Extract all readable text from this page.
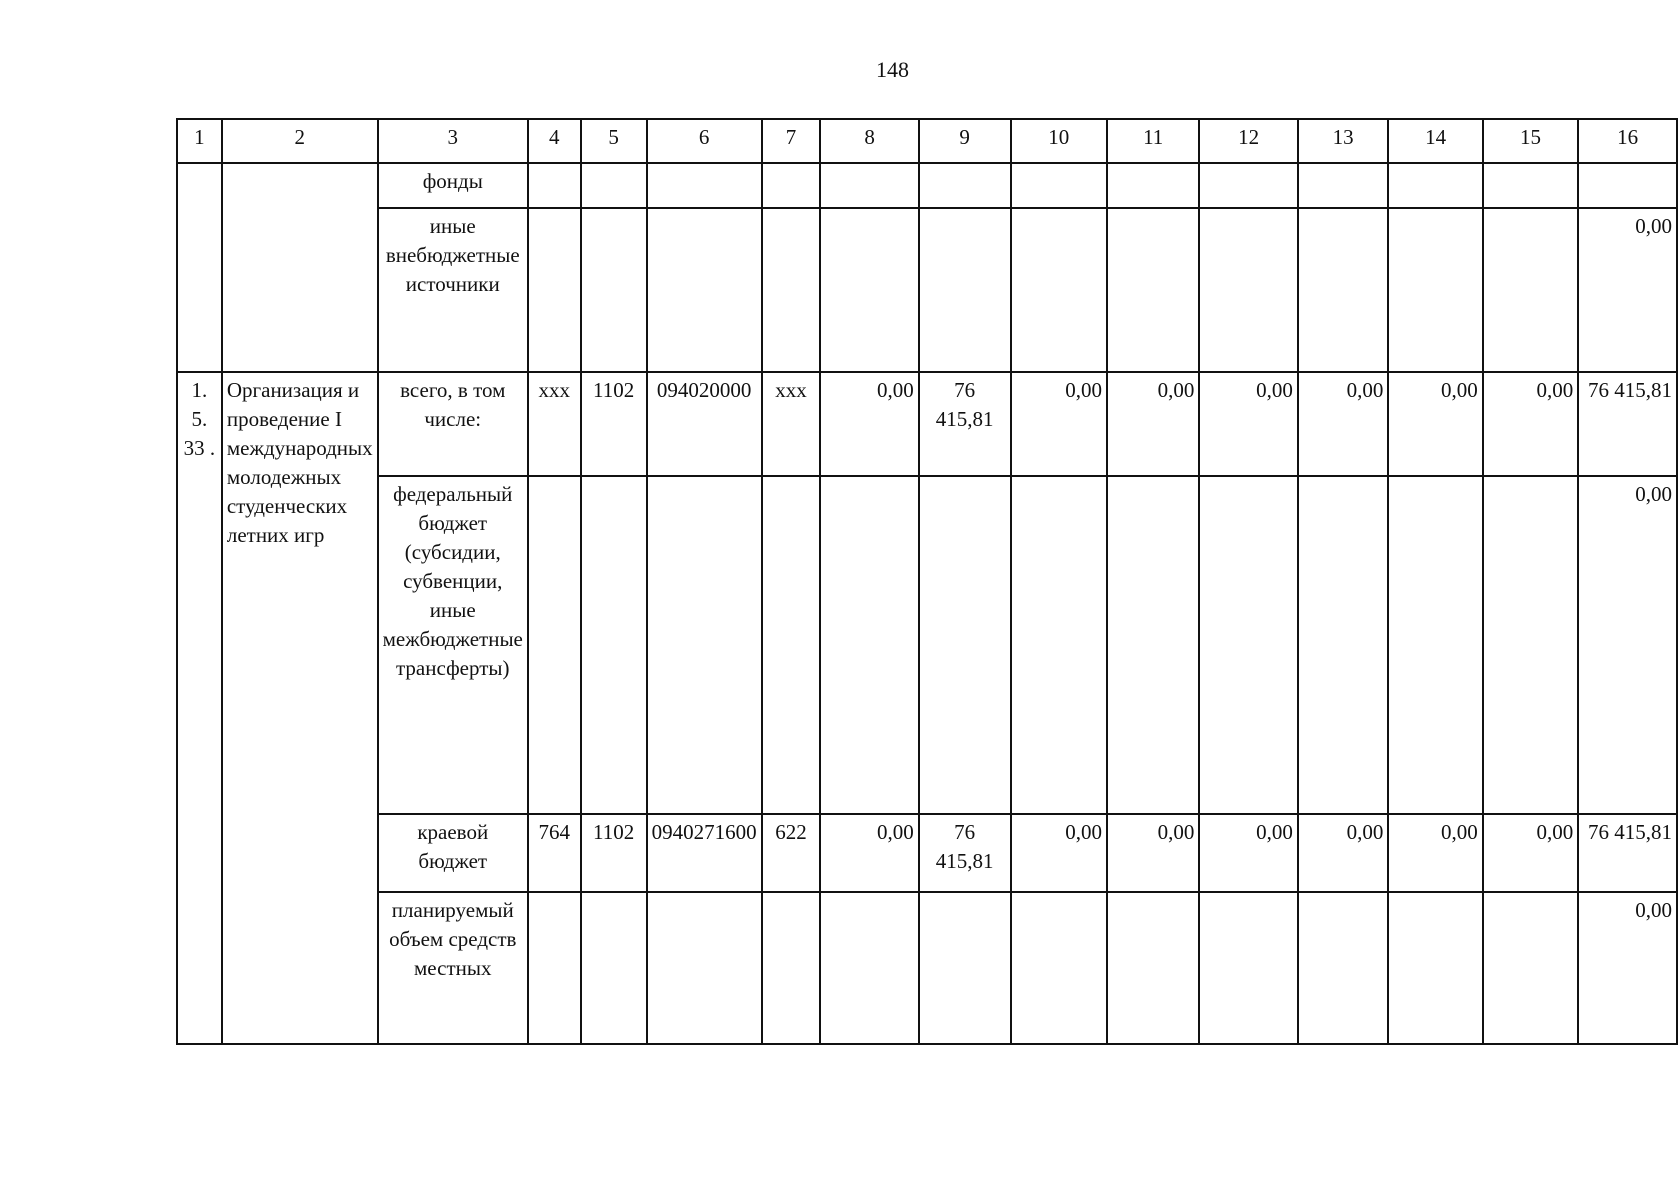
148
1	2	3	4	5	6	7	8	9	10	11	12	13	14	15	16
		фонды													
		иные внебюджетные источники													0,00
1. 5. 33 .	Организация и проведение I международных молодежных студенческих летних игр	всего, в том числе:	ххх	1102	094020000	ххх	0,00	76 415,81	0,00	0,00	0,00	0,00	0,00	0,00	76 415,81
		федеральный бюджет (субсидии, субвенции, иные межбюджетные трансферты)													0,00
		краевой бюджет	764	1102	0940271600	622	0,00	76 415,81	0,00	0,00	0,00	0,00	0,00	0,00	76 415,81
		планируемый объем средств местных													0,00
